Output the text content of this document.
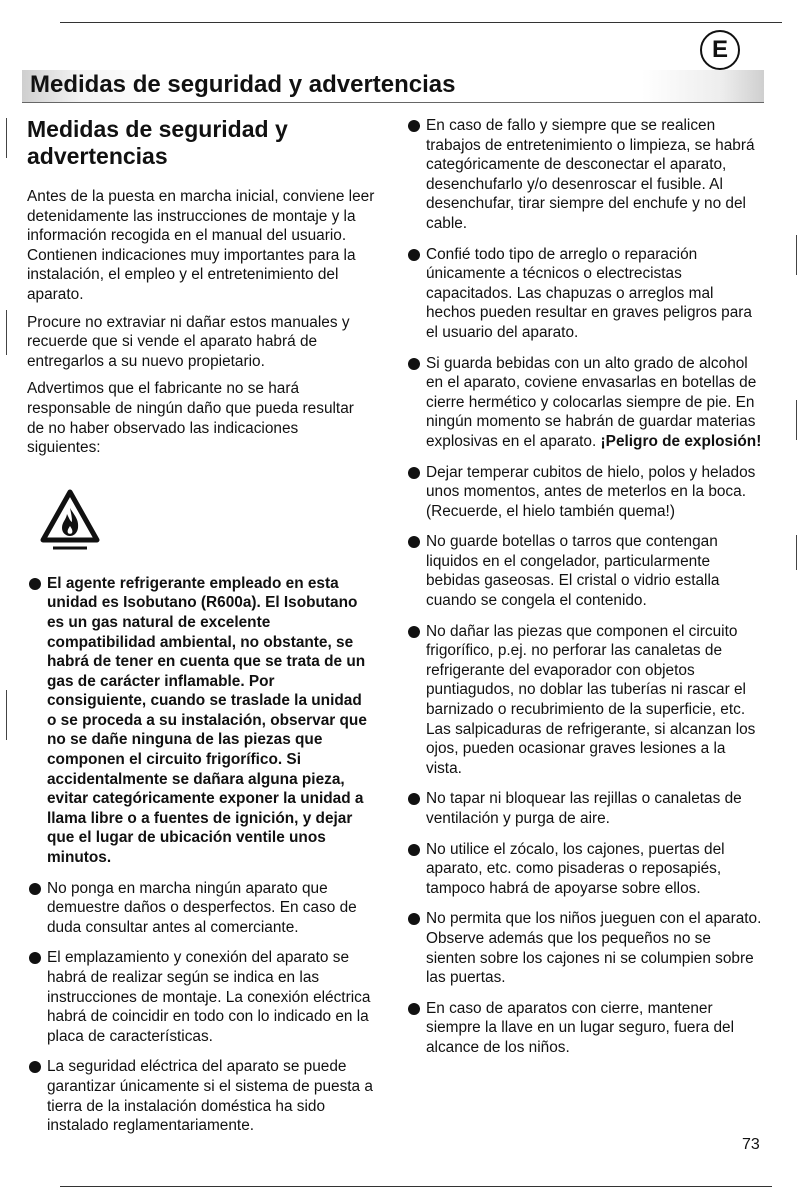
E
Medidas de seguridad y advertencias
Medidas de seguridad y advertencias

Antes de la puesta en marcha inicial, conviene leer detenidamente las instrucciones de montaje y la información recogida en el manual del usuario. Contienen indicaciones muy importantes para la instalación, el empleo y el entretenimiento del aparato.

Procure no extraviar ni dañar estos manuales y recuerde que si vende el aparato habrá de entregarlos a su nuevo propietario.

Advertimos que el fabricante no se hará responsable de ningún daño que pueda resultar de no haber observado las indicaciones siguientes:

El agente refrigerante empleado en esta unidad es Isobutano (R600a). El Isobutano es un gas natural de excelente compatibilidad ambiental, no obstante, se habrá de tener en cuenta que se trata de un gas de carácter inflamable. Por consiguiente, cuando se traslade la unidad o se proceda a su instalación, observar que no se dañe ninguna de las piezas que componen el circuito frigorífico. Si accidentalmente se dañara alguna pieza, evitar categóricamente exponer la unidad a llama libre o a fuentes de ignición, y dejar que el lugar de ubicación ventile unos minutos.
No ponga en marcha ningún aparato que demuestre daños o desperfectos. En caso de duda consultar antes al comerciante.
El emplazamiento y conexión del aparato se habrá de realizar según se indica en las instrucciones de montaje. La conexión eléctrica habrá de coincidir en todo con lo indicado en la placa de características.
La seguridad eléctrica del aparato se puede garantizar únicamente si el sistema de puesta a tierra de la instalación doméstica ha sido instalado reglamentariamente.
En caso de fallo y siempre que se realicen trabajos de entretenimiento o limpieza, se habrá categóricamente de desconectar el aparato, desenchufarlo y/o desenroscar el fusible. Al desenchufar, tirar siempre del enchufe y no del cable.
Confié todo tipo de arreglo o reparación únicamente a técnicos o electrecistas capacitados. Las chapuzas o arreglos mal hechos pueden resultar en graves peligros para el usuario del aparato.
Si guarda bebidas con un alto grado de alcohol en el aparato, coviene envasarlas en botellas de cierre hermético y colocarlas siempre de pie. En ningún momento se habrán de guardar materias explosivas en el aparato. ¡Peligro de explosión!
Dejar temperar cubitos de hielo, polos y helados unos momentos, antes de meterlos en la boca. (Recuerde, el hielo también quema!)
No guarde botellas o tarros que contengan liquidos en el congelador, particularmente bebidas gaseosas. El cristal o vidrio estalla cuando se congela el contenido.
No dañar las piezas que componen el circuito frigorífico, p.ej. no perforar las canaletas de refrigerante del evaporador con objetos puntiagudos, no doblar las tuberías ni rascar el barnizado o recubrimiento de la superficie, etc. Las salpicaduras de refrigerante, si alcanzan los ojos, pueden ocasionar graves lesiones a la vista.
No tapar ni bloquear las rejillas o canaletas de ventilación y purga de aire.
No utilice el zócalo, los cajones, puertas del aparato, etc. como pisaderas o reposapiés, tampoco habrá de apoyarse sobre ellos.
No permita que los niños jueguen con el aparato. Observe además que los pequeños no se sienten sobre los cajones ni se columpien sobre las puertas.
En caso de aparatos con cierre, mantener siempre la llave en un lugar seguro, fuera del alcance de los niños.
73
